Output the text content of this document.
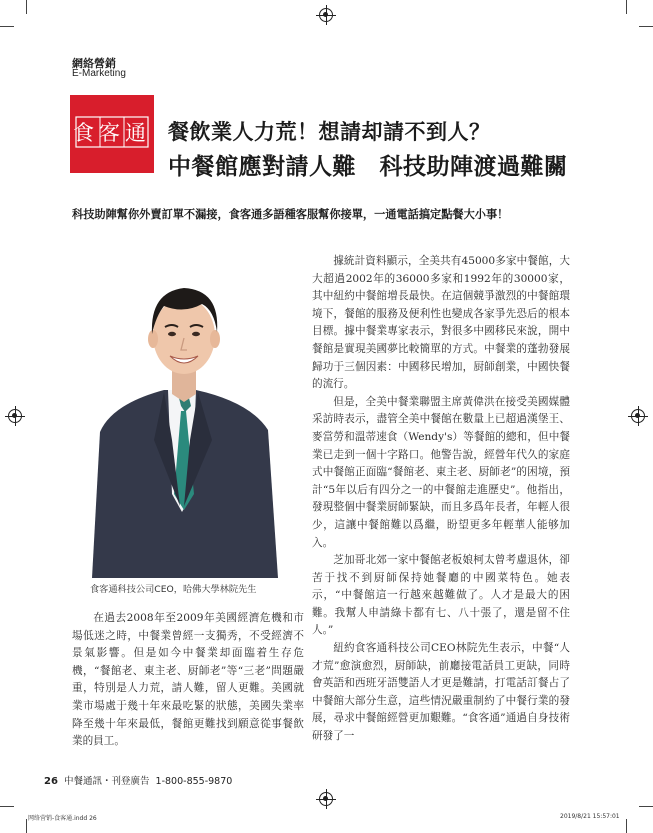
網絡營銷
E-Marketing
食客通 餐飲業人力荒！想請却請不到人？
中餐館應對請人難　科技助陣渡過難關
科技助陣幫你外賣訂單不漏接，食客通多語種客服幫你接單，一通電話搞定點餐大小事！
食客通科技公司CEO，哈佛大學林院先生

據統計資料顯示，全美共有45000多家中餐館，大大超過2002年的36000多家和1992年的30000家，其中紐約中餐館增長最快。在這個競爭激烈的中餐館環境下，餐館的服務及便利性也變成各家爭先恐后的根本目標。據中餐業專家表示，對很多中國移民來說，開中餐館是實現美國夢比較簡單的方式。中餐業的蓬勃發展歸功于三個因素：中國移民增加，厨師創業，中國快餐的流行。

但是，全美中餐業聯盟主席黃偉洪在接受美國媒體采訪時表示，盡管全美中餐館在數量上已超過漢堡王、麥當勞和溫蒂速食（Wendy's）等餐館的總和，但中餐業已走到一個十字路口。他警告說，經營年代久的家庭式中餐館正面臨“餐館老、東主老、厨師老”的困境，預計“5年以后有四分之一的中餐館走進歷史”。他指出，發現整個中餐業厨師緊缺，而且多爲年長者，年輕人很少，這讓中餐館難以爲繼，盼望更多年輕華人能够加入。

芝加哥北郊一家中餐館老板娘柯太曾考慮退休，卻苦于找不到厨師保持她餐廳的中國菜特色。她表示，“中餐館這一行越來越難做了。人才是最大的困難。我幫人申請綠卡都有七、八十張了，還是留不住人。”

紐約食客通科技公司CEO林院先生表示，中餐“人才荒”愈演愈烈，厨師缺，前廳接電話員工更缺，同時會英語和西班牙語雙語人才更是難請，打電話訂餐占了中餐館大部分生意，這些情況嚴重制約了中餐行業的發展，尋求中餐館經營更加艱難。“食客通”通過自身技術研發了一

在過去2008年至2009年美國經濟危機和市場低迷之時，中餐業曾經一支獨秀，不受經濟不景氣影響。但是如今中餐業却面臨着生存危機，“餐館老、東主老、厨師老”等“三老”問題嚴重，特別是人力荒，請人難，留人更難。美國就業市場處于幾十年來最吃緊的狀態，美國失業率降至幾十年來最低，餐館更難找到願意從事餐飲業的員工。

26 中餐通訊・刊登廣告 1-800-855-9870
网络营销-食客通.indd 26	2019/8/21 15:57:01
